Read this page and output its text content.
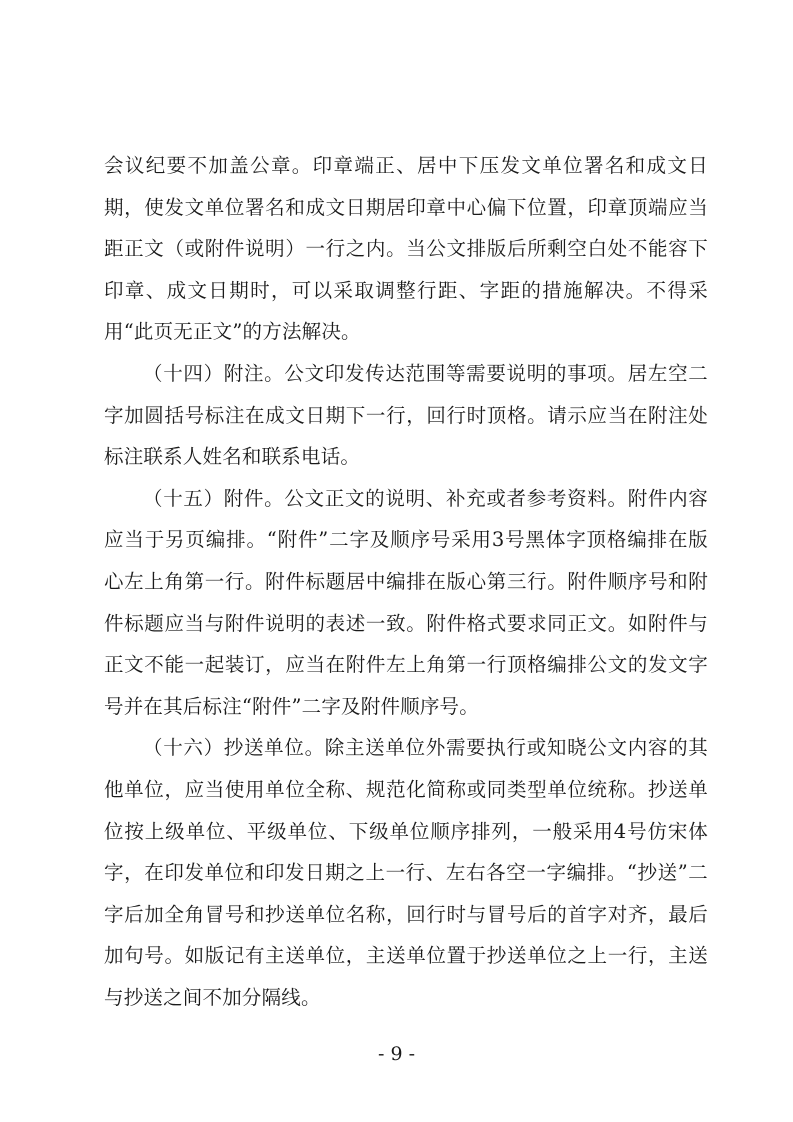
会议纪要不加盖公章。印章端正、居中下压发文单位署名和成文日期，使发文单位署名和成文日期居印章中心偏下位置，印章顶端应当距正文（或附件说明）一行之内。当公文排版后所剩空白处不能容下印章、成文日期时，可以采取调整行距、字距的措施解决。不得采用“此页无正文”的方法解决。

（十四）附注。公文印发传达范围等需要说明的事项。居左空二字加圆括号标注在成文日期下一行，回行时顶格。请示应当在附注处标注联系人姓名和联系电话。

（十五）附件。公文正文的说明、补充或者参考资料。附件内容应当于另页编排。“附件”二字及顺序号采用3号黑体字顶格编排在版心左上角第一行。附件标题居中编排在版心第三行。附件顺序号和附件标题应当与附件说明的表述一致。附件格式要求同正文。如附件与正文不能一起装订，应当在附件左上角第一行顶格编排公文的发文字号并在其后标注“附件”二字及附件顺序号。

（十六）抄送单位。除主送单位外需要执行或知晓公文内容的其他单位，应当使用单位全称、规范化简称或同类型单位统称。抄送单位按上级单位、平级单位、下级单位顺序排列，一般采用4号仿宋体字，在印发单位和印发日期之上一行、左右各空一字编排。“抄送”二字后加全角冒号和抄送单位名称，回行时与冒号后的首字对齐，最后加句号。如版记有主送单位，主送单位置于抄送单位之上一行，主送与抄送之间不加分隔线。

- 9 -
